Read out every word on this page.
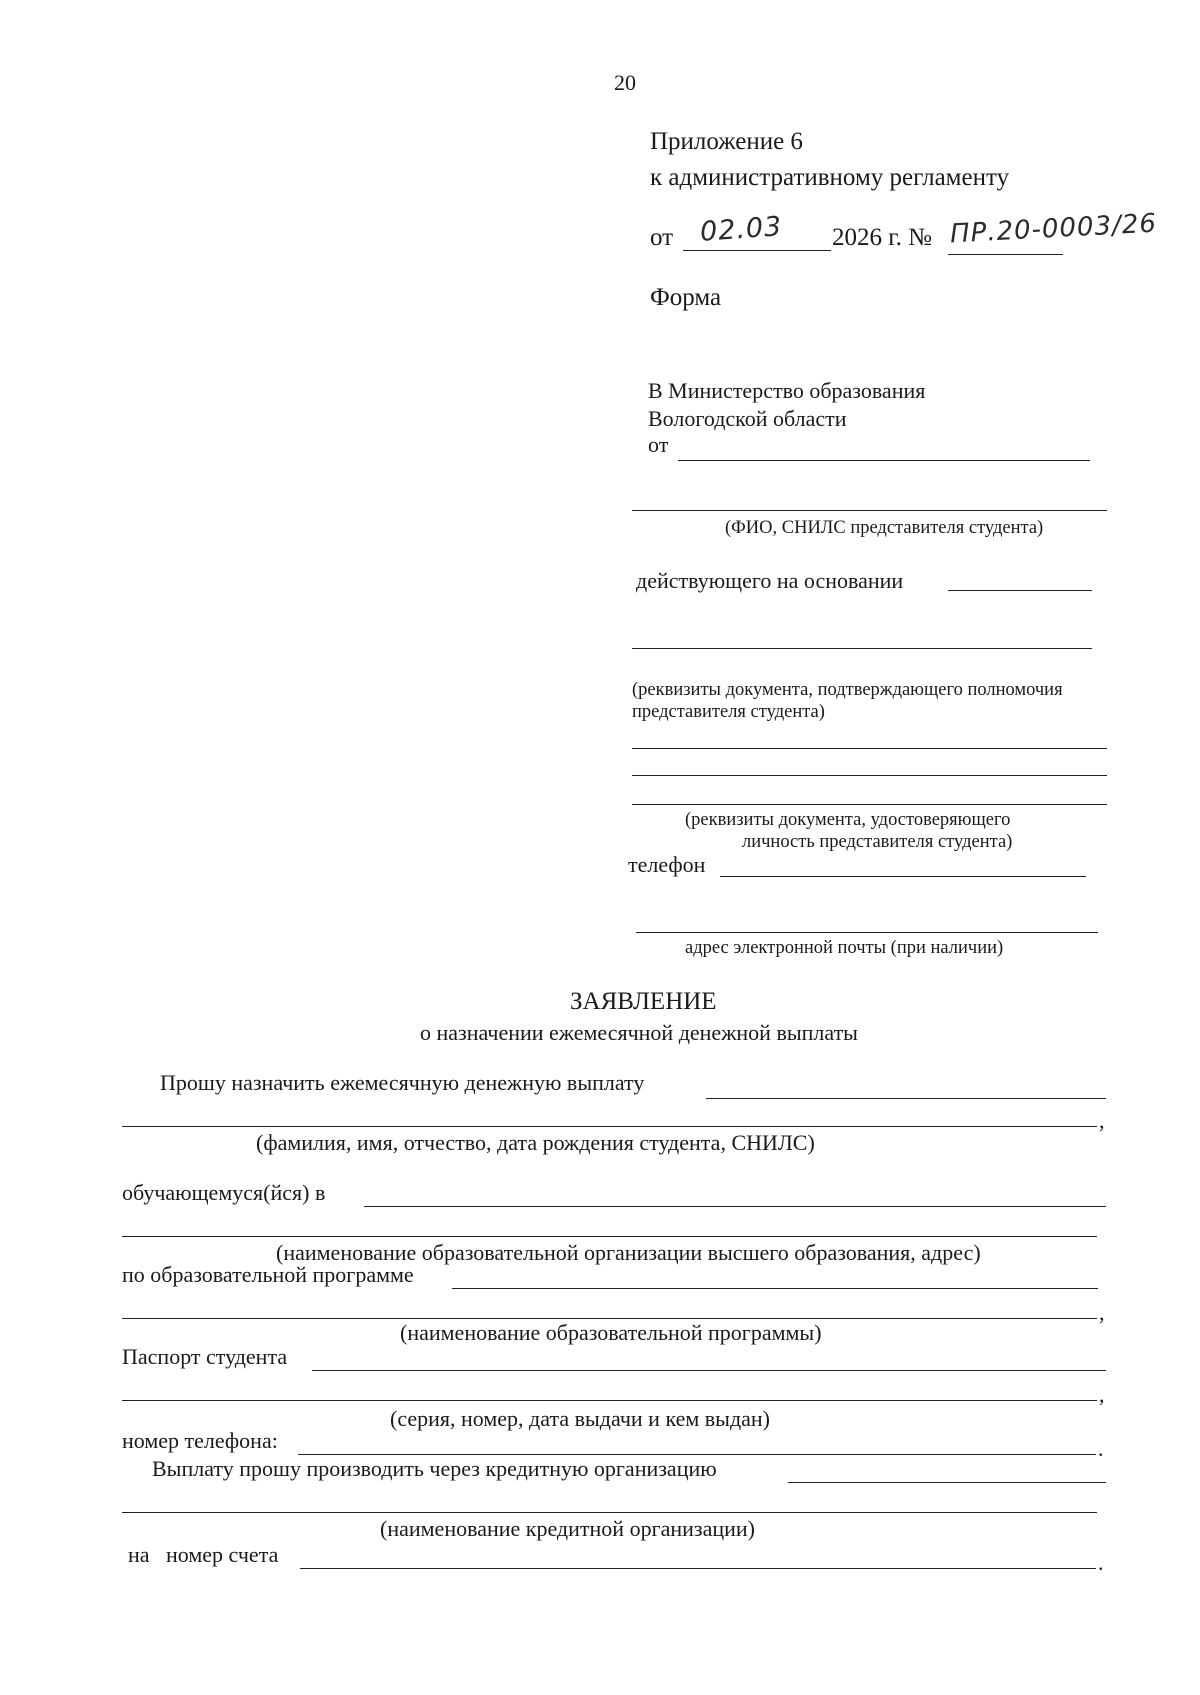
20
Приложение 6
к административному регламенту
от 02.03 2026 г. № ПР.20-0003/26
Форма
В Министерство образования
Вологодской области
от
(ФИО, СНИЛС представителя студента)
действующего на основании
(реквизиты документа, подтверждающего полномочия
представителя студента)
(реквизиты документа, удостоверяющего
личность представителя студента)
телефон
адрес электронной почты (при наличии)
ЗАЯВЛЕНИЕ
о назначении ежемесячной денежной выплаты
Прошу назначить ежемесячную денежную выплату
,
(фамилия, имя, отчество, дата рождения студента, СНИЛС)
обучающемуся(йся) в
(наименование образовательной организации высшего образования, адрес)
по образовательной программе
,
(наименование образовательной программы)
Паспорт студента
,
(серия, номер, дата выдачи и кем выдан)
номер телефона:	.
Выплату прошу производить через кредитную организацию
(наименование кредитной организации)
на номер счета	.
